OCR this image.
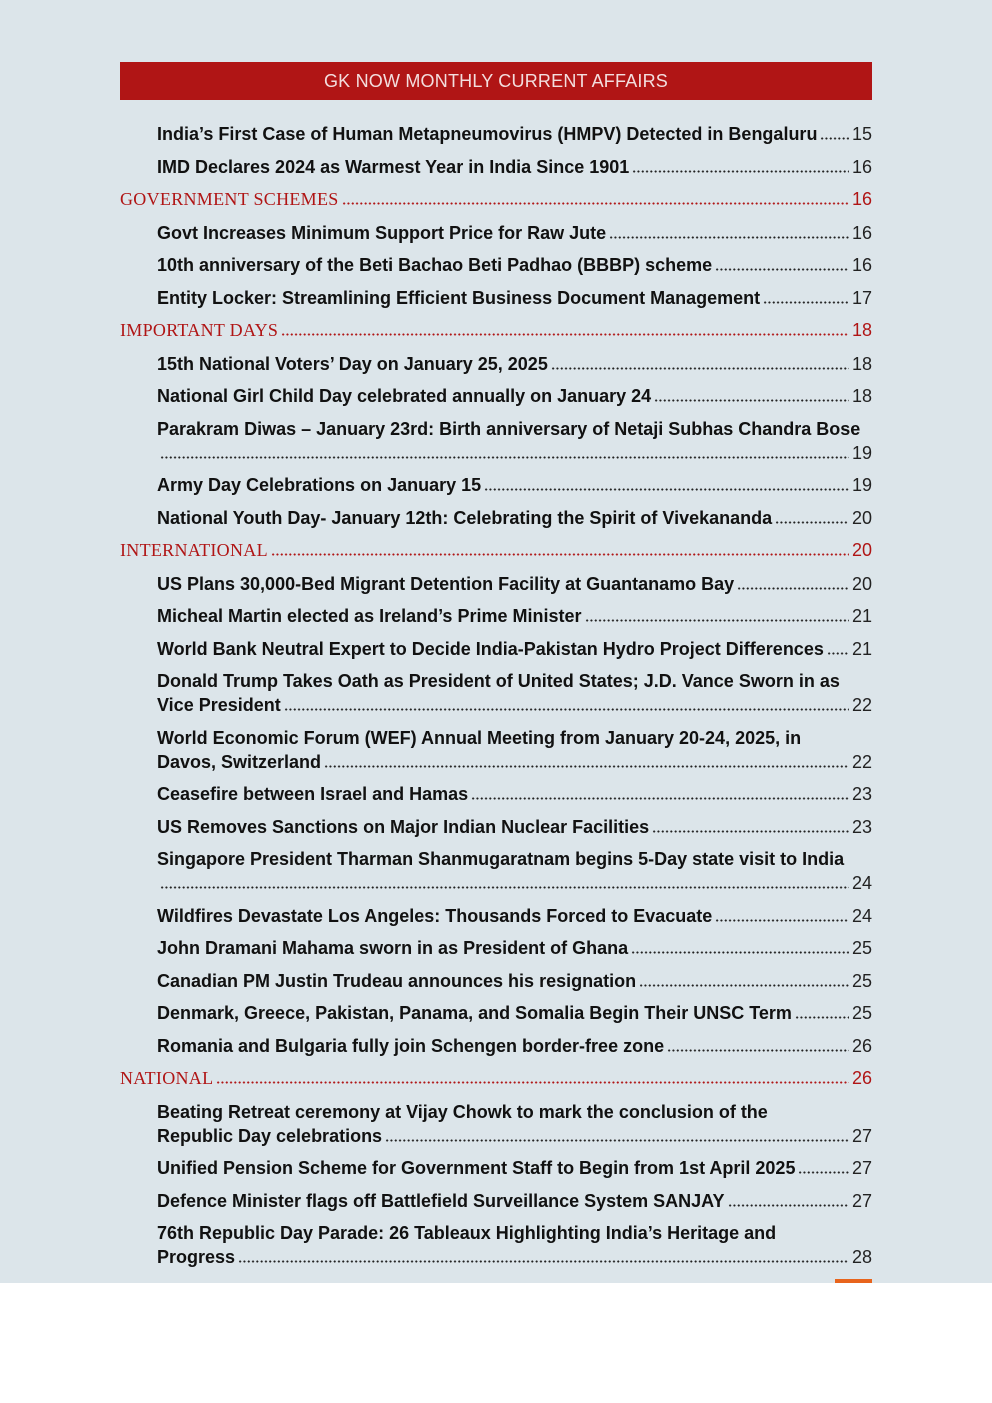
GK NOW MONTHLY CURRENT AFFAIRS
India’s First Case of Human Metapneumovirus (HMPV) Detected in Bengaluru 15
IMD Declares 2024 as Warmest Year in India Since 1901	16
GOVERNMENT SCHEMES	16
Govt Increases Minimum Support Price for Raw Jute	16
10th anniversary of the Beti Bachao Beti Padhao (BBBP) scheme	16
Entity Locker: Streamlining Efficient Business Document Management	17
IMPORTANT DAYS	18
15th National Voters’ Day on January 25, 2025	18
National Girl Child Day celebrated annually on January 24	18
Parakram Diwas – January 23rd: Birth anniversary of Netaji Subhas Chandra Bose
19
Army Day Celebrations on January 15	19
National Youth Day- January 12th: Celebrating the Spirit of Vivekananda	20
INTERNATIONAL	20
US Plans 30,000-Bed Migrant Detention Facility at Guantanamo Bay	20
Micheal Martin elected as Ireland’s Prime Minister	21
World Bank Neutral Expert to Decide India-Pakistan Hydro Project Differences 21
Donald Trump Takes Oath as President of United States; J.D. Vance Sworn in as
Vice President	22
World Economic Forum (WEF) Annual Meeting from January 20-24, 2025, in
Davos, Switzerland	22
Ceasefire between Israel and Hamas	23
US Removes Sanctions on Major Indian Nuclear Facilities	23
Singapore President Tharman Shanmugaratnam begins 5-Day state visit to India
24
Wildfires Devastate Los Angeles: Thousands Forced to Evacuate	24
John Dramani Mahama sworn in as President of Ghana	25
Canadian PM Justin Trudeau announces his resignation	25
Denmark, Greece, Pakistan, Panama, and Somalia Begin Their UNSC Term	25
Romania and Bulgaria fully join Schengen border-free zone	26
NATIONAL	26
Beating Retreat ceremony at Vijay Chowk to mark the conclusion of the
Republic Day celebrations	27
Unified Pension Scheme for Government Staff to Begin from 1st April 2025	27
Defence Minister flags off Battlefield Surveillance System SANJAY	27
76th Republic Day Parade: 26 Tableaux Highlighting India’s Heritage and
Progress	28
